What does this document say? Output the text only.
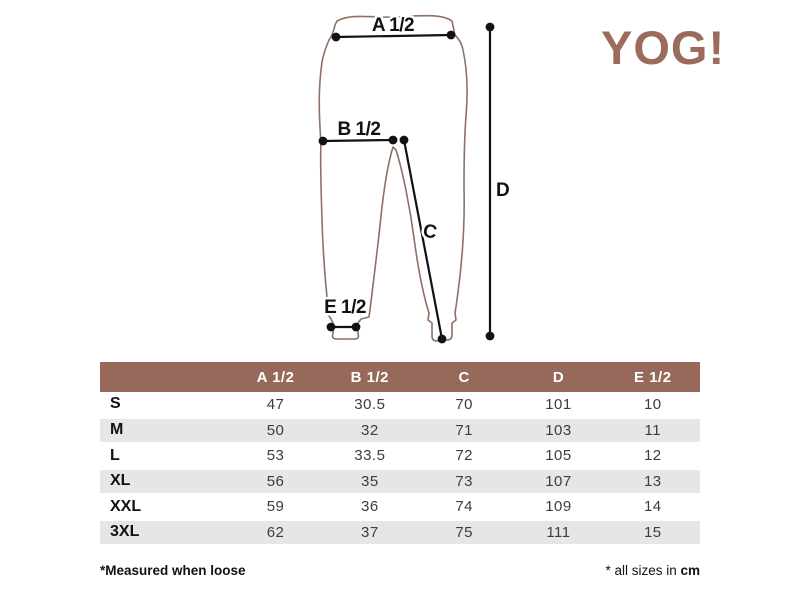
YOG!
A 1/2
B 1/2
C
D
E 1/2
	A 1/2	B 1/2	C	D	E 1/2
S	47	30.5	70	101	10
M	50	32	71	103	11
L	53	33.5	72	105	12
XL	56	35	73	107	13
XXL	59	36	74	109	14
3XL	62	37	75	111	15
*Measured when loose	* all sizes in cm
